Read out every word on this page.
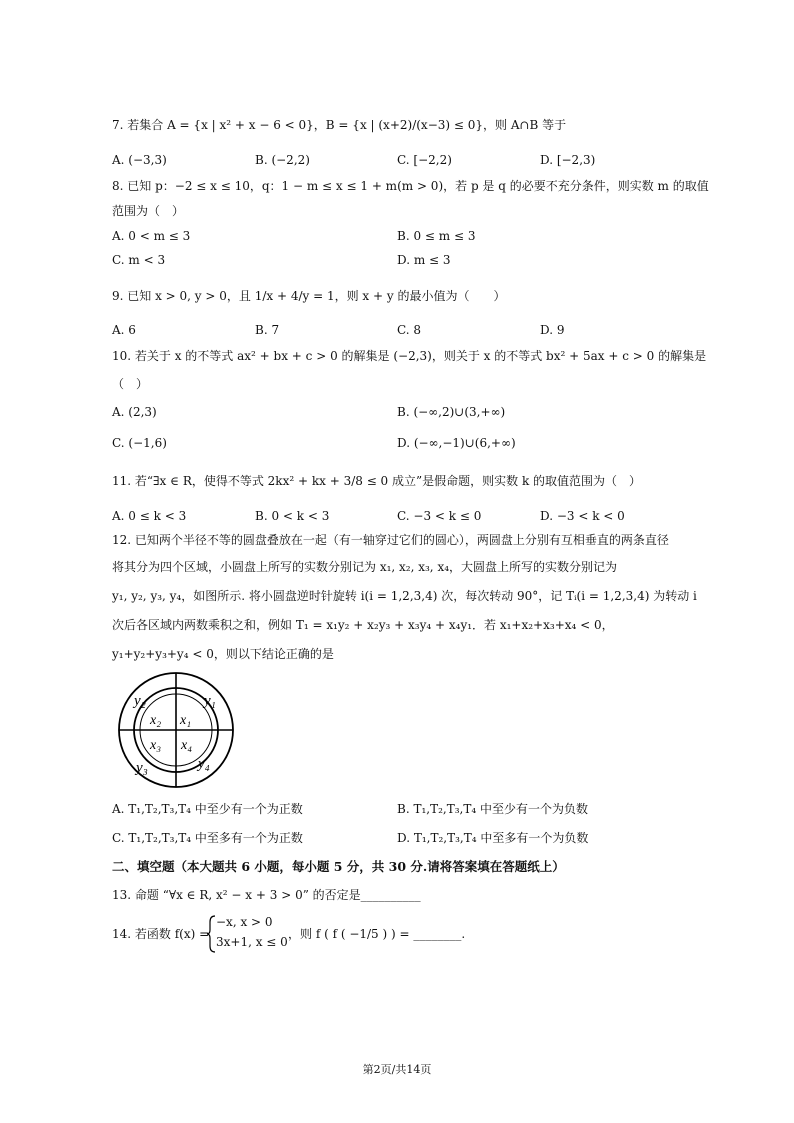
7. 若集合 A = {x | x² + x − 6 < 0}，B = {x | (x+2)/(x−3) ≤ 0}，则 A∩B 等于
A. (−3,3)	B. (−2,2)	C. [−2,2)	D. [−2,3)
8. 已知 p：−2 ≤ x ≤ 10，q：1 − m ≤ x ≤ 1 + m(m > 0)，若 p 是 q 的必要不充分条件，则实数 m 的取值
范围为（　）
A. 0 < m ≤ 3	B. 0 ≤ m ≤ 3
C. m < 3	D. m ≤ 3
9. 已知 x > 0, y > 0，且 1/x + 4/y = 1，则 x + y 的最小值为（　　）
A. 6	B. 7	C. 8	D. 9
10. 若关于 x 的不等式 ax² + bx + c > 0 的解集是 (−2,3)，则关于 x 的不等式 bx² + 5ax + c > 0 的解集是
（　）
A. (2,3)	B. (−∞,2)∪(3,+∞)
C. (−1,6)	D. (−∞,−1)∪(6,+∞)
11. 若“∃x ∈ R，使得不等式 2kx² + kx + 3/8 ≤ 0 成立”是假命题，则实数 k 的取值范围为（　）
A. 0 ≤ k < 3	B. 0 < k < 3	C. −3 < k ≤ 0	D. −3 < k < 0
12. 已知两个半径不等的圆盘叠放在一起（有一轴穿过它们的圆心），两圆盘上分别有互相垂直的两条直径
将其分为四个区域，小圆盘上所写的实数分别记为 x₁, x₂, x₃, x₄，大圆盘上所写的实数分别记为
y₁, y₂, y₃, y₄，如图所示. 将小圆盘逆时针旋转 i(i = 1,2,3,4) 次，每次转动 90°，记 Tᵢ(i = 1,2,3,4) 为转动 i
次后各区域内两数乘积之和，例如 T₁ = x₁y₂ + x₂y₃ + x₃y₄ + x₄y₁．若 x₁+x₂+x₃+x₄ < 0，
y₁+y₂+y₃+y₄ < 0，则以下结论正确的是
x₂ x₁
x₃ x₄
y₂	y₁
y₃	y₄
A. T₁,T₂,T₃,T₄ 中至少有一个为正数	B. T₁,T₂,T₃,T₄ 中至少有一个为负数
C. T₁,T₂,T₃,T₄ 中至多有一个为正数	D. T₁,T₂,T₃,T₄ 中至多有一个为负数
二、填空题（本大题共 6 小题，每小题 5 分，共 30 分.请将答案填在答题纸上）
13. 命题 “∀x ∈ R, x² − x + 3 > 0” 的否定是__________
14. 若函数 f(x) =
−x, x > 0
3x+1, x ≤ 0
，则 f ( f ( −1/5 ) ) = ________.
第2页/共14页
